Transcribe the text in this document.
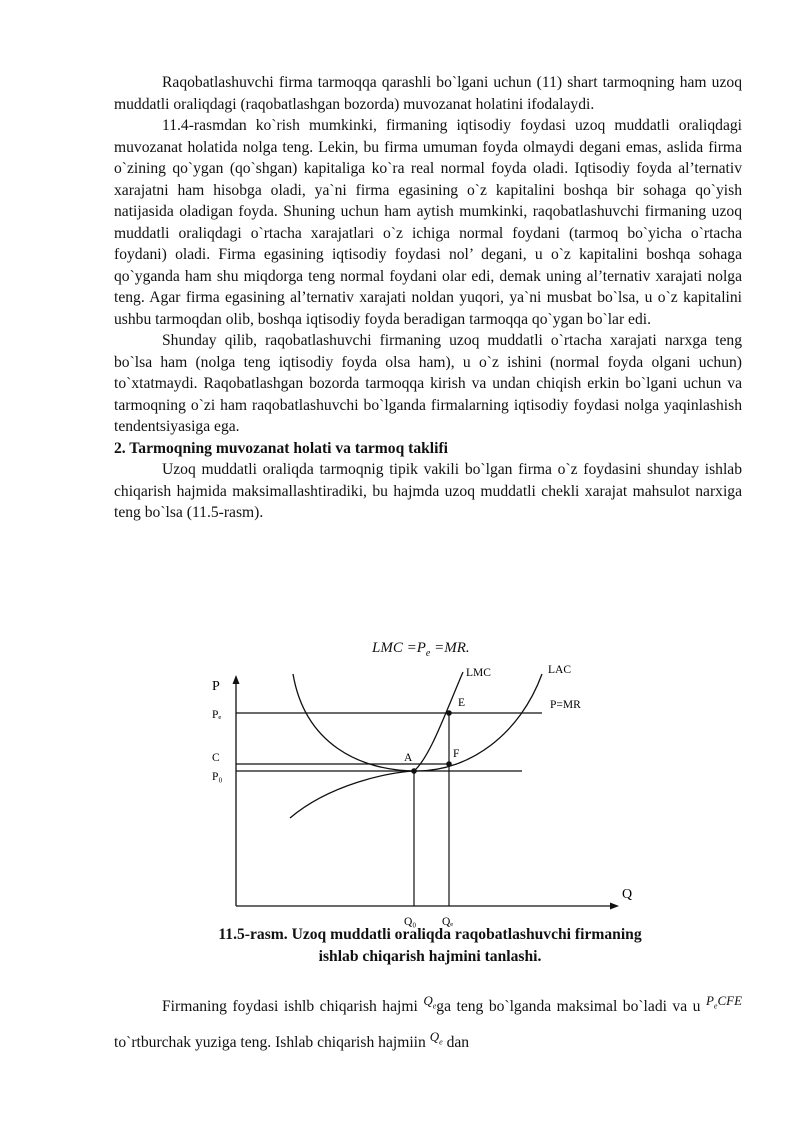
Raqobatlashuvchi firma tarmoqqa qarashli bo`lgani uchun (11) shart tarmoqning ham uzoq muddatli oraliqdagi (raqobatlashgan bozorda) muvozanat holatini ifodalaydi.

11.4-rasmdan ko`rish mumkinki, firmaning iqtisodiy foydasi uzoq muddatli oraliqdagi muvozanat holatida nolga teng. Lekin, bu firma umuman foyda olmaydi degani emas, aslida firma o`zining qo`ygan (qo`shgan) kapitaliga ko`ra real normal foyda oladi. Iqtisodiy foyda al’ternativ xarajatni ham hisobga oladi, ya`ni firma egasining o`z kapitalini boshqa bir sohaga qo`yish natijasida oladigan foyda. Shuning uchun ham aytish mumkinki, raqobatlashuvchi firmaning uzoq muddatli oraliqdagi o`rtacha xarajatlari o`z ichiga normal foydani (tarmoq bo`yicha o`rtacha foydani) oladi. Firma egasining iqtisodiy foydasi nol’ degani, u o`z kapitalini boshqa sohaga qo`yganda ham shu miqdorga teng normal foydani olar edi, demak uning al’ternativ xarajati nolga teng. Agar firma egasining al’ternativ xarajati noldan yuqori, ya`ni musbat bo`lsa, u o`z kapitalini ushbu tarmoqdan olib, boshqa iqtisodiy foyda beradigan tarmoqqa qo`ygan bo`lar edi.

Shunday qilib, raqobatlashuvchi firmaning uzoq muddatli o`rtacha xarajati narxga teng bo`lsa ham (nolga teng iqtisodiy foyda olsa ham), u o`z ishini (normal foyda olgani uchun) to`xtatmaydi. Raqobatlashgan bozorda tarmoqqa kirish va undan chiqish erkin bo`lgani uchun va tarmoqning o`zi ham raqobatlashuvchi bo`lganda firmalarning iqtisodiy foydasi nolga yaqinlashish tendentsiyasiga ega.

2. Tarmoqning muvozanat holati va tarmoq taklifi

Uzoq muddatli oraliqda tarmoqnig tipik vakili bo`lgan firma o`z foydasini shunday ishlab chiqarish hajmida maksimallashtiradiki, bu hajmda uzoq muddatli chekli xarajat mahsulot narxiga teng bo`lsa (11.5-rasm).

LMC $=P_e =MR$.
P
Q
LMC	LAC
P=MR
Pₑ
C
P₀
A
E
F
Q₀ Qₑ
11.5-rasm. Uzoq muddatli oraliqda raqobatlashuvchi firmaning
ishlab chiqarish hajmini tanlashi.
Firmaning foydasi ishlb chiqarish hajmi $^{Q_e}$ga teng bo`lganda maksimal bo`ladi va u $^{P_eCFE}$ to`rtburchak yuziga teng. Ishlab chiqarish hajmiin $^{Q_e}$ dan
